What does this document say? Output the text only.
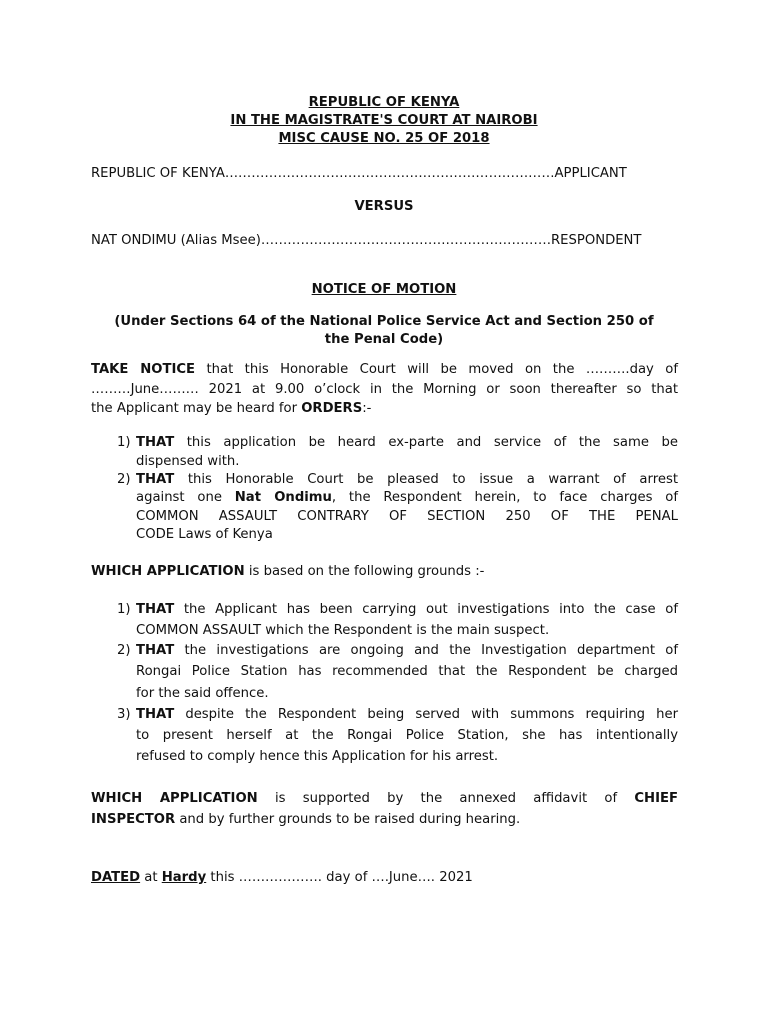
REPUBLIC OF KENYA
IN THE MAGISTRATE'S COURT AT NAIROBI
MISC CAUSE NO. 25 OF 2018
REPUBLIC OF KENYA…………………………………………………………………APPLICANT
VERSUS
NAT ONDIMU (Alias Msee)…………………………………………………………RESPONDENT
NOTICE OF MOTION
(Under Sections 64 of the National Police Service Act and Section 250 of
the Penal Code)
TAKE NOTICE that this Honorable Court will be moved on the ……….day of
………June……… 2021 at 9.00 o’clock in the Morning or soon thereafter so that
the Applicant may be heard for ORDERS:-
1) THAT this application be heard ex-parte and service of the same be
dispensed with.
2) THAT this Honorable Court be pleased to issue a warrant of arrest
against one Nat Ondimu, the Respondent herein, to face charges of
COMMON ASSAULT CONTRARY OF SECTION 250 OF THE PENAL
CODE Laws of Kenya
WHICH APPLICATION is based on the following grounds :-
1) THAT the Applicant has been carrying out investigations into the case of
COMMON ASSAULT which the Respondent is the main suspect.
2) THAT the investigations are ongoing and the Investigation department of
Rongai Police Station has recommended that the Respondent be charged
for the said offence.
3) THAT despite the Respondent being served with summons requiring her
to present herself at the Rongai Police Station, she has intentionally
refused to comply hence this Application for his arrest.
WHICH APPLICATION is supported by the annexed affidavit of CHIEF
INSPECTOR and by further grounds to be raised during hearing.
DATED at Hardy this ………………. day of ….June…. 2021
